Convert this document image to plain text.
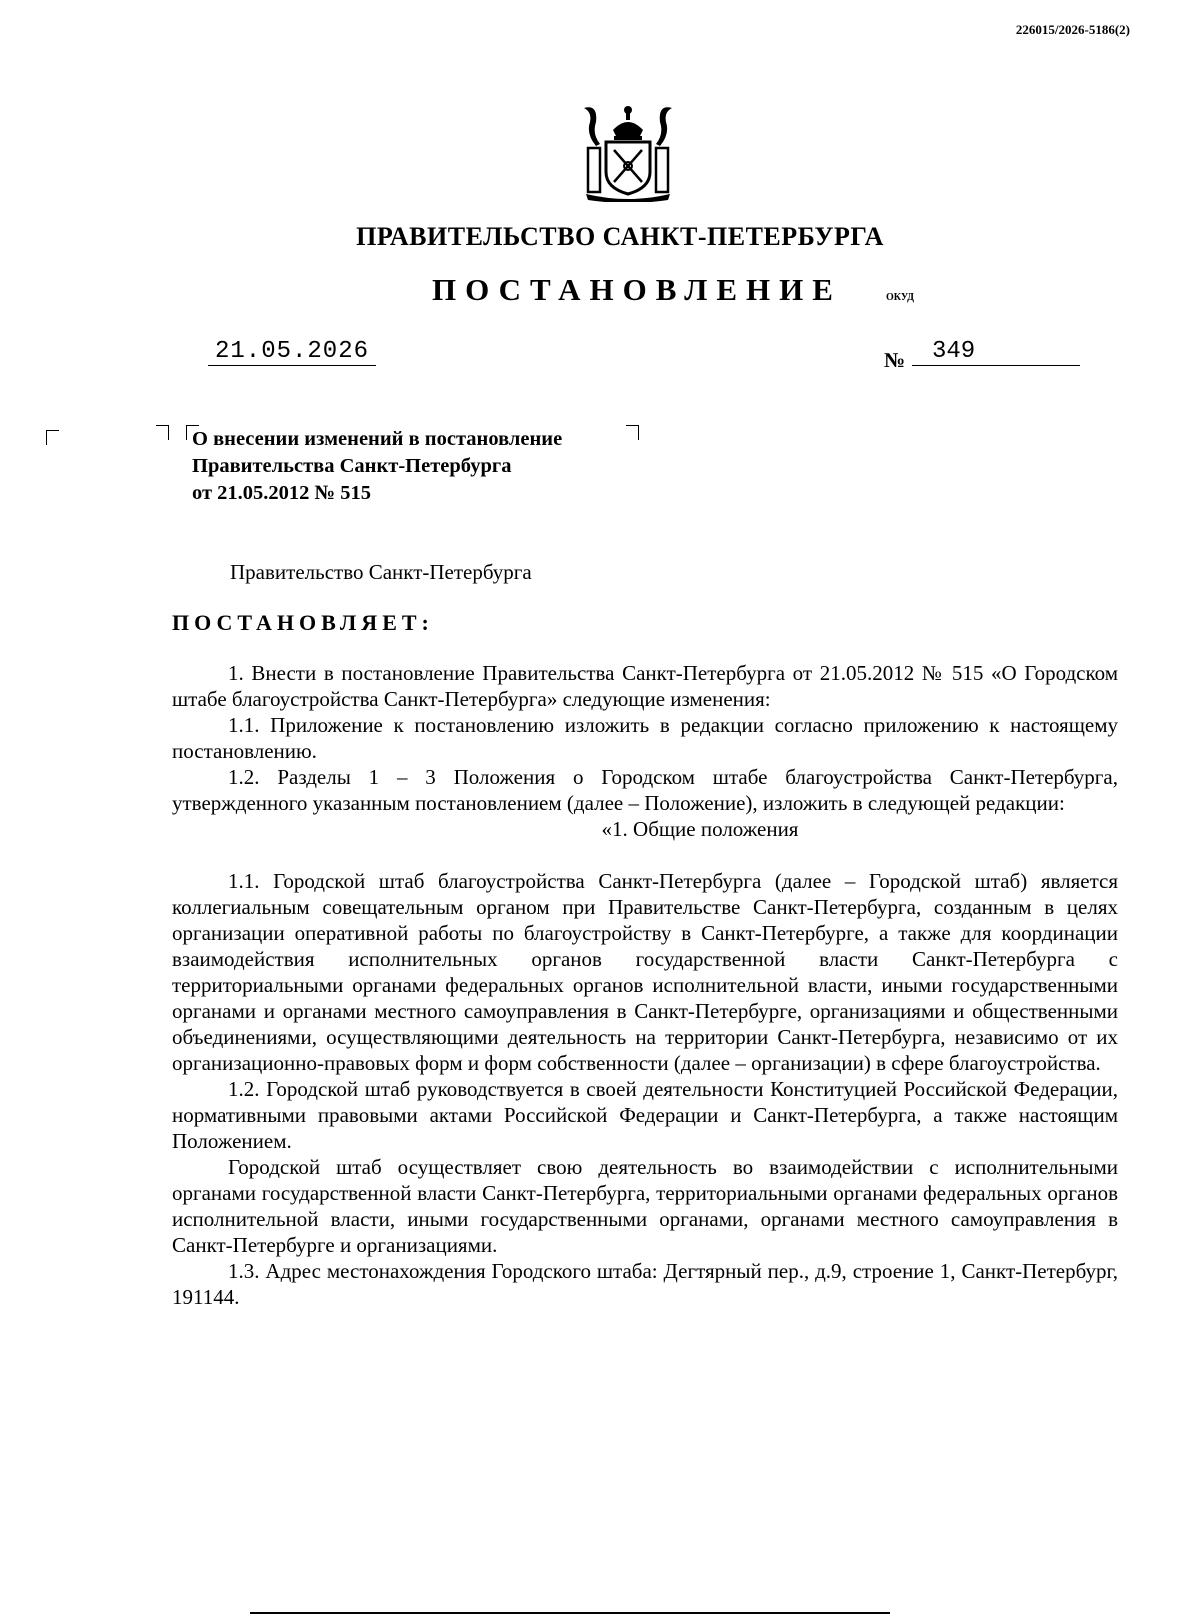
226015/2026-5186(2)
ПРАВИТЕЛЬСТВО САНКТ-ПЕТЕРБУРГА
ПОСТАНОВЛЕНИЕ	ОКУД
21.05.2026	№	349
О внесении изменений в постановление
Правительства Санкт-Петербурга
от 21.05.2012 № 515
Правительство Санкт-Петербурга
ПОСТАНОВЛЯЕТ:

1. Внести в постановление Правительства Санкт-Петербурга от 21.05.2012 № 515 «О Городском штабе благоустройства Санкт-Петербурга» следующие изменения:

1.1. Приложение к постановлению изложить в редакции согласно приложению к настоящему постановлению.

1.2. Разделы 1 – 3 Положения о Городском штабе благоустройства Санкт-Петербурга, утвержденного указанным постановлением (далее – Положение), изложить в следующей редакции:

«1. Общие положения

1.1. Городской штаб благоустройства Санкт-Петербурга (далее – Городской штаб) является коллегиальным совещательным органом при Правительстве Санкт-Петербурга, созданным в целях организации оперативной работы по благоустройству в Санкт-Петербурге, а также для координации взаимодействия исполнительных органов государственной власти Санкт-Петербурга с территориальными органами федеральных органов исполнительной власти, иными государственными органами и органами местного самоуправления в Санкт-Петербурге, организациями и общественными объединениями, осуществляющими деятельность на территории Санкт-Петербурга, независимо от их организационно-правовых форм и форм собственности (далее – организации) в сфере благоустройства.

1.2. Городской штаб руководствуется в своей деятельности Конституцией Российской Федерации, нормативными правовыми актами Российской Федерации и Санкт-Петербурга, а также настоящим Положением.

Городской штаб осуществляет свою деятельность во взаимодействии с исполнительными органами государственной власти Санкт-Петербурга, территориальными органами федеральных органов исполнительной власти, иными государственными органами, органами местного самоуправления в Санкт-Петербурге и организациями.

1.3. Адрес местонахождения Городского штаба: Дегтярный пер., д.9, строение 1, Санкт-Петербург, 191144.
